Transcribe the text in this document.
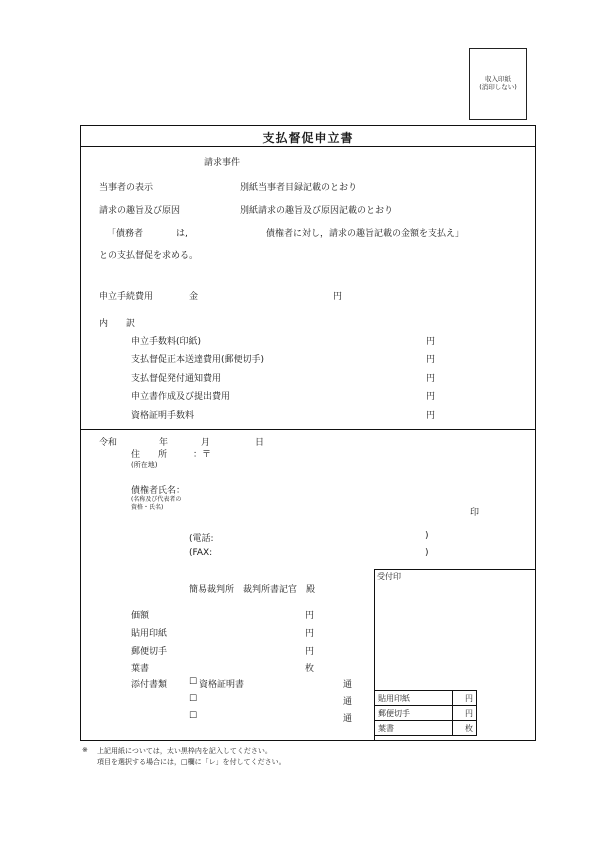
収入印紙
(消印しない)
支払督促申立書
請求事件
当事者の表示	別紙当事者目録記載のとおり
請求の趣旨及び原因	別紙請求の趣旨及び原因記載のとおり
「債務者	は,	債権者に対し，請求の趣旨記載の金額を支払え」
との支払督促を求める。
申立手続費用	金	円
内　　訳
申立手数料(印紙)	円
支払督促正本送達費用(郵便切手)	円
支払督促発付通知費用	円
申立書作成及び提出費用	円
資格証明手数料	円
令和	年	月	日
住　　所	：〒
(所在地)
債権者氏名：
(名称及び代表者の
資格・氏名)
印
(電話:	)
(FAX:	)
簡易裁判所　裁判所書記官　殿
価額	円
貼用印紙	円
郵便切手	円
葉書	枚
添付書類 ☐ 資格証明書	通
☐	通
☐	通
受付印
貼用印紙	円
郵便切手	円
葉書	枚
※ 上記用紙については，太い黒枠内を記入してください。
項目を選択する場合には，□欄に「レ」を付してください。
